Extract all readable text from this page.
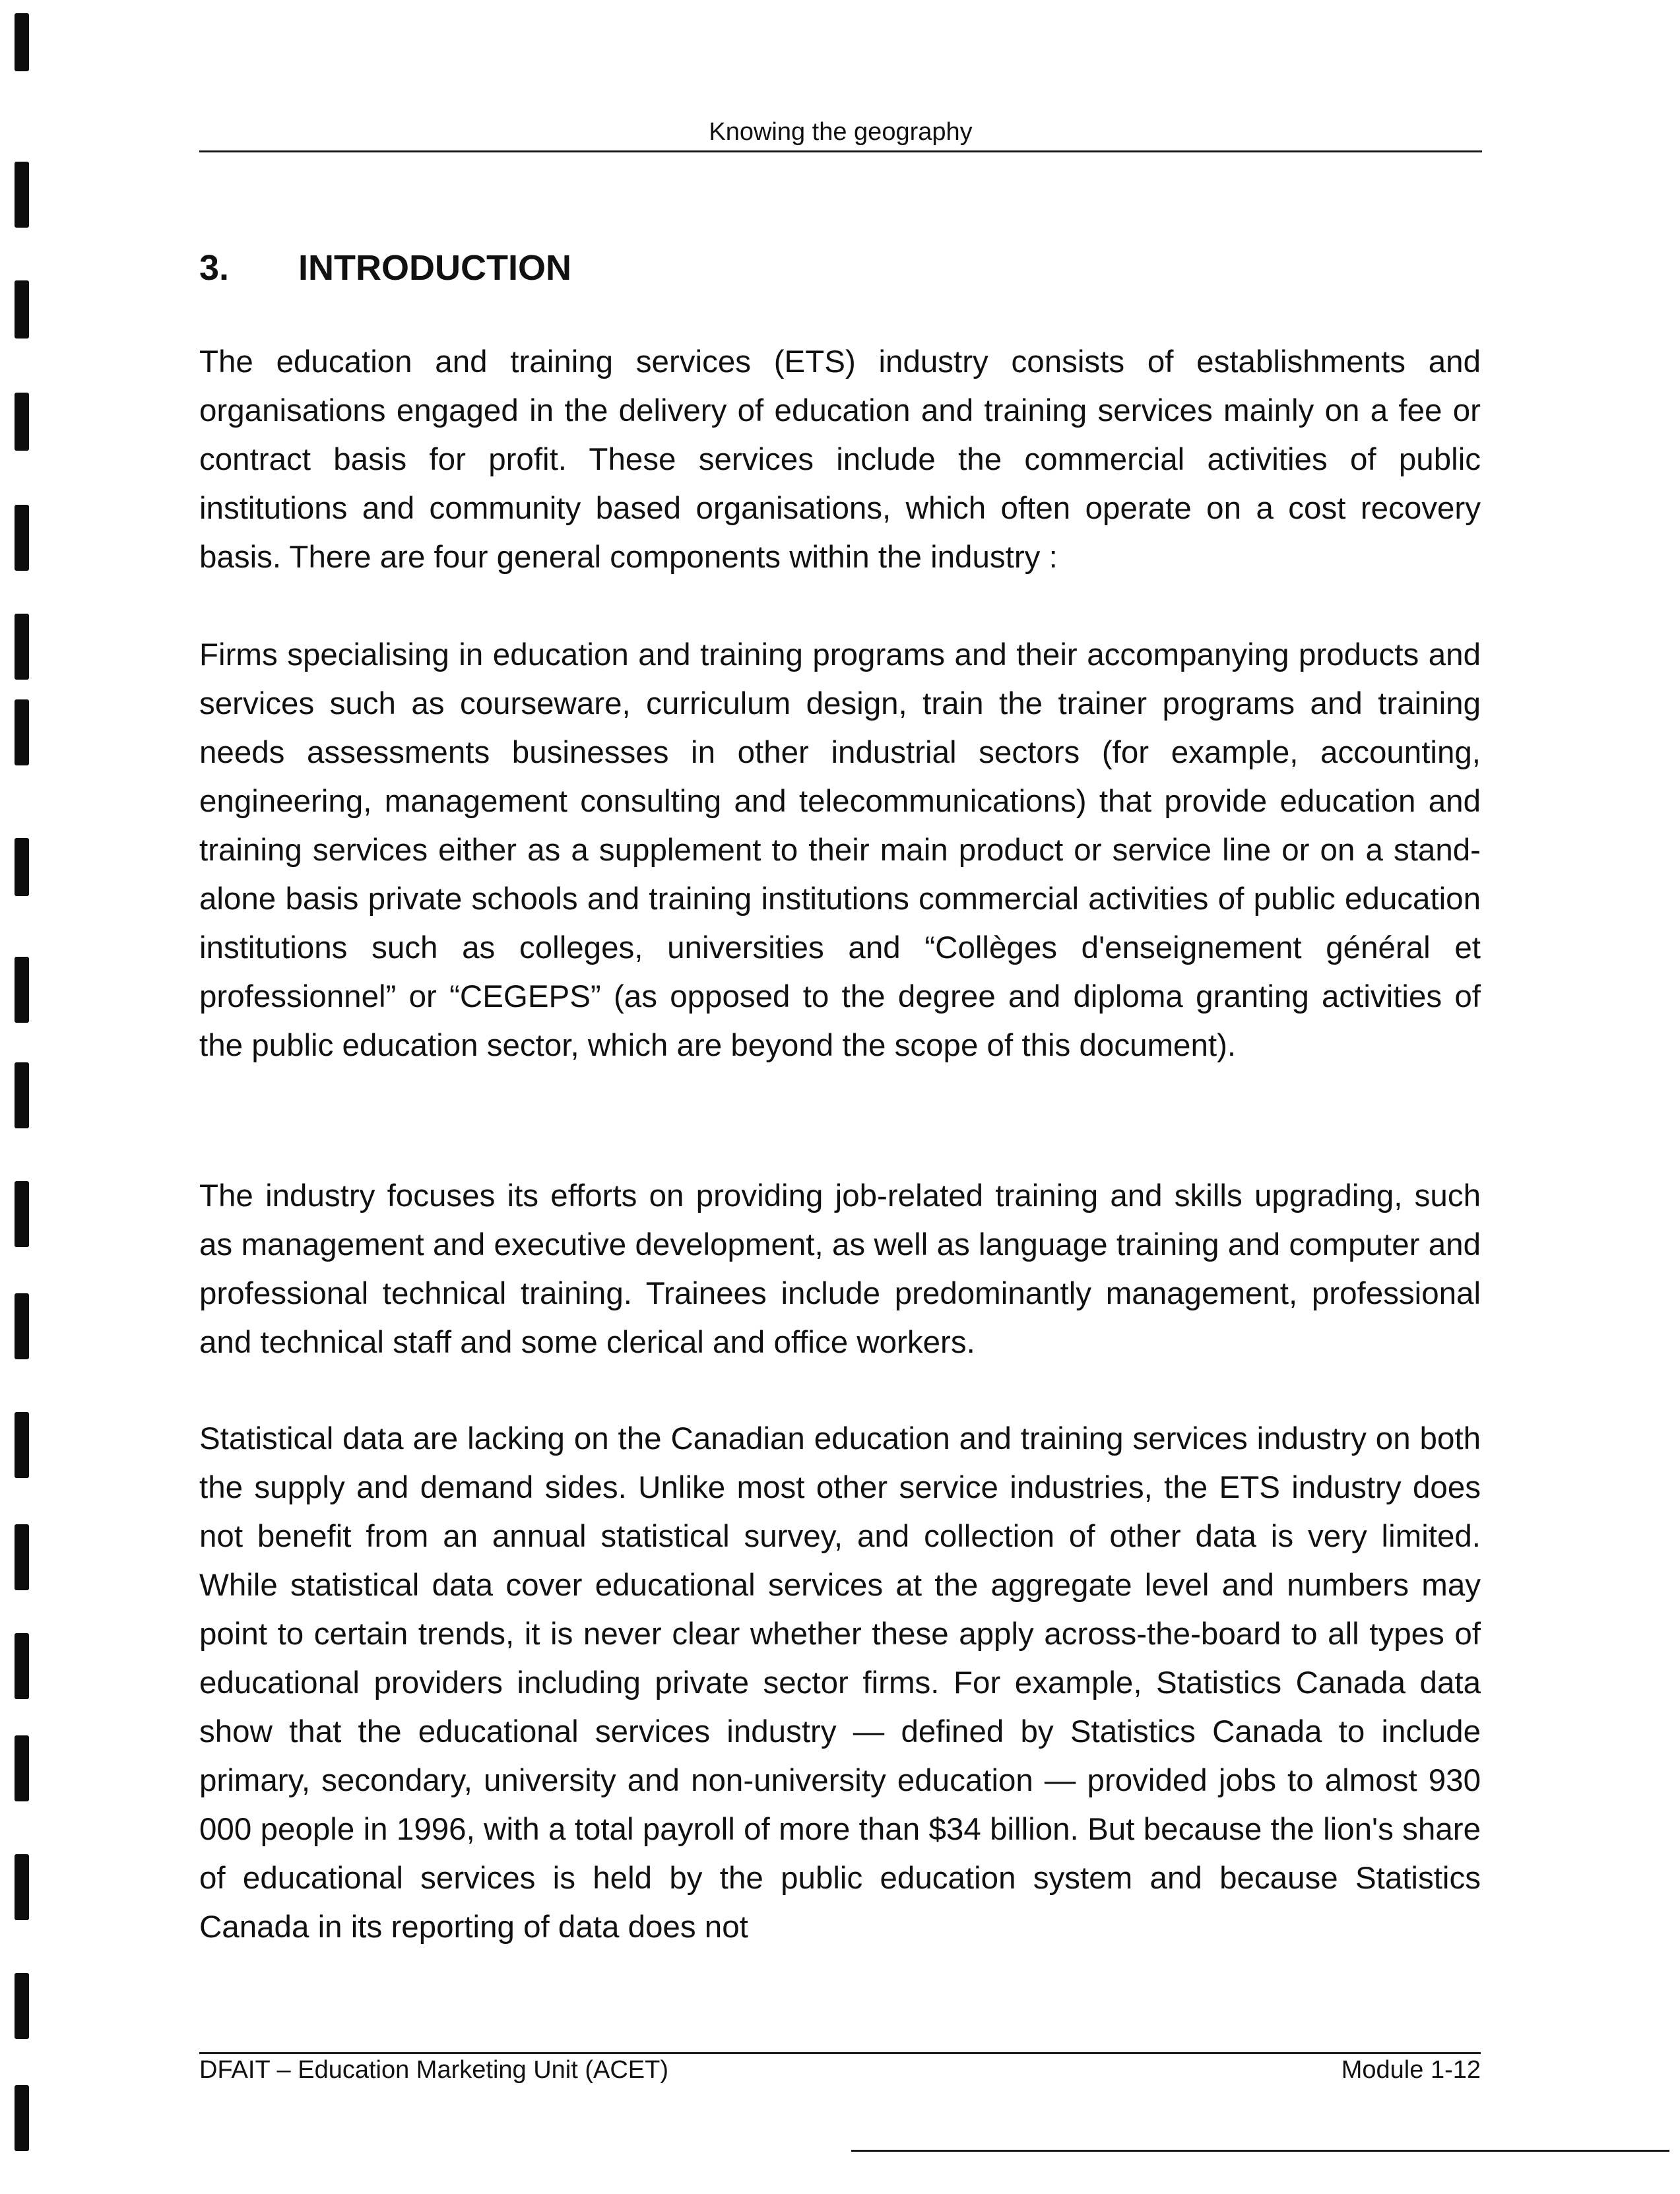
Knowing the geography
3. INTRODUCTION

The education and training services (ETS) industry consists of establishments and organisations engaged in the delivery of education and training services mainly on a fee or contract basis for profit. These services include the commercial activities of public institutions and community based organisations, which often operate on a cost recovery basis. There are four general components within the industry :

Firms specialising in education and training programs and their accompanying products and services such as courseware, curriculum design, train the trainer programs and training needs assessments businesses in other industrial sectors (for example, accounting, engineering, management consulting and telecommunications) that provide education and training services either as a supplement to their main product or service line or on a stand-alone basis private schools and training institutions commercial activities of public education institutions such as colleges, universities and “Collèges d'enseignement général et professionnel” or “CEGEPS” (as opposed to the degree and diploma granting activities of the public education sector, which are beyond the scope of this document).

The industry focuses its efforts on providing job-related training and skills upgrading, such as management and executive development, as well as language training and computer and professional technical training. Trainees include predominantly management, professional and technical staff and some clerical and office workers.

Statistical data are lacking on the Canadian education and training services industry on both the supply and demand sides. Unlike most other service industries, the ETS industry does not benefit from an annual statistical survey, and collection of other data is very limited. While statistical data cover educational services at the aggregate level and numbers may point to certain trends, it is never clear whether these apply across-the-board to all types of educational providers including private sector firms. For example, Statistics Canada data show that the educational services industry — defined by Statistics Canada to include primary, secondary, university and non-university education — provided jobs to almost 930 000 people in 1996, with a total payroll of more than $34 billion. But because the lion's share of educational services is held by the public education system and because Statistics Canada in its reporting of data does not

DFAIT – Education Marketing Unit (ACET)	Module 1-12
